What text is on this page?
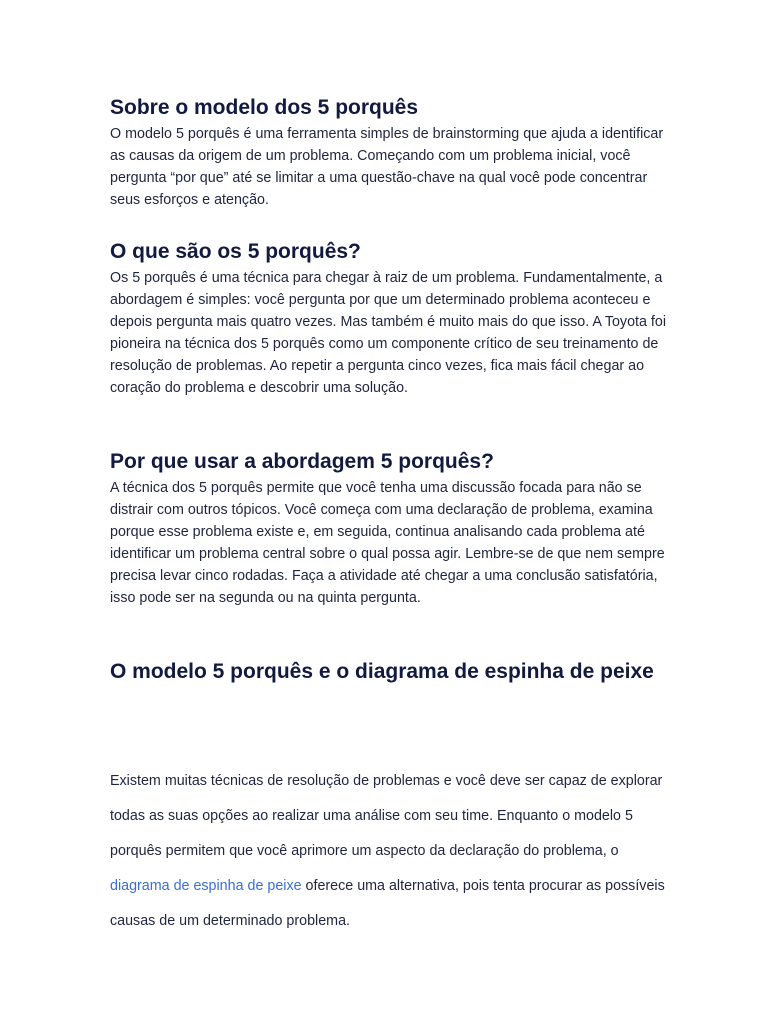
Sobre o modelo dos 5 porquês

O modelo 5 porquês é uma ferramenta simples de brainstorming que ajuda a identificar as causas da origem de um problema. Começando com um problema inicial, você pergunta “por que” até se limitar a uma questão-chave na qual você pode concentrar seus esforços e atenção.

O que são os 5 porquês?

Os 5 porquês é uma técnica para chegar à raiz de um problema. Fundamentalmente, a abordagem é simples: você pergunta por que um determinado problema aconteceu e depois pergunta mais quatro vezes. Mas também é muito mais do que isso. A Toyota foi pioneira na técnica dos 5 porquês como um componente crítico de seu treinamento de resolução de problemas. Ao repetir a pergunta cinco vezes, fica mais fácil chegar ao coração do problema e descobrir uma solução.

Por que usar a abordagem 5 porquês?

A técnica dos 5 porquês permite que você tenha uma discussão focada para não se distrair com outros tópicos. Você começa com uma declaração de problema, examina porque esse problema existe e, em seguida, continua analisando cada problema até identificar um problema central sobre o qual possa agir. Lembre-se de que nem sempre precisa levar cinco rodadas. Faça a atividade até chegar a uma conclusão satisfatória, isso pode ser na segunda ou na quinta pergunta.

O modelo 5 porquês e o diagrama de espinha de peixe

Existem muitas técnicas de resolução de problemas e você deve ser capaz de explorar todas as suas opções ao realizar uma análise com seu time. Enquanto o modelo 5 porquês permitem que você aprimore um aspecto da declaração do problema, o diagrama de espinha de peixe oferece uma alternativa, pois tenta procurar as possíveis causas de um determinado problema.
